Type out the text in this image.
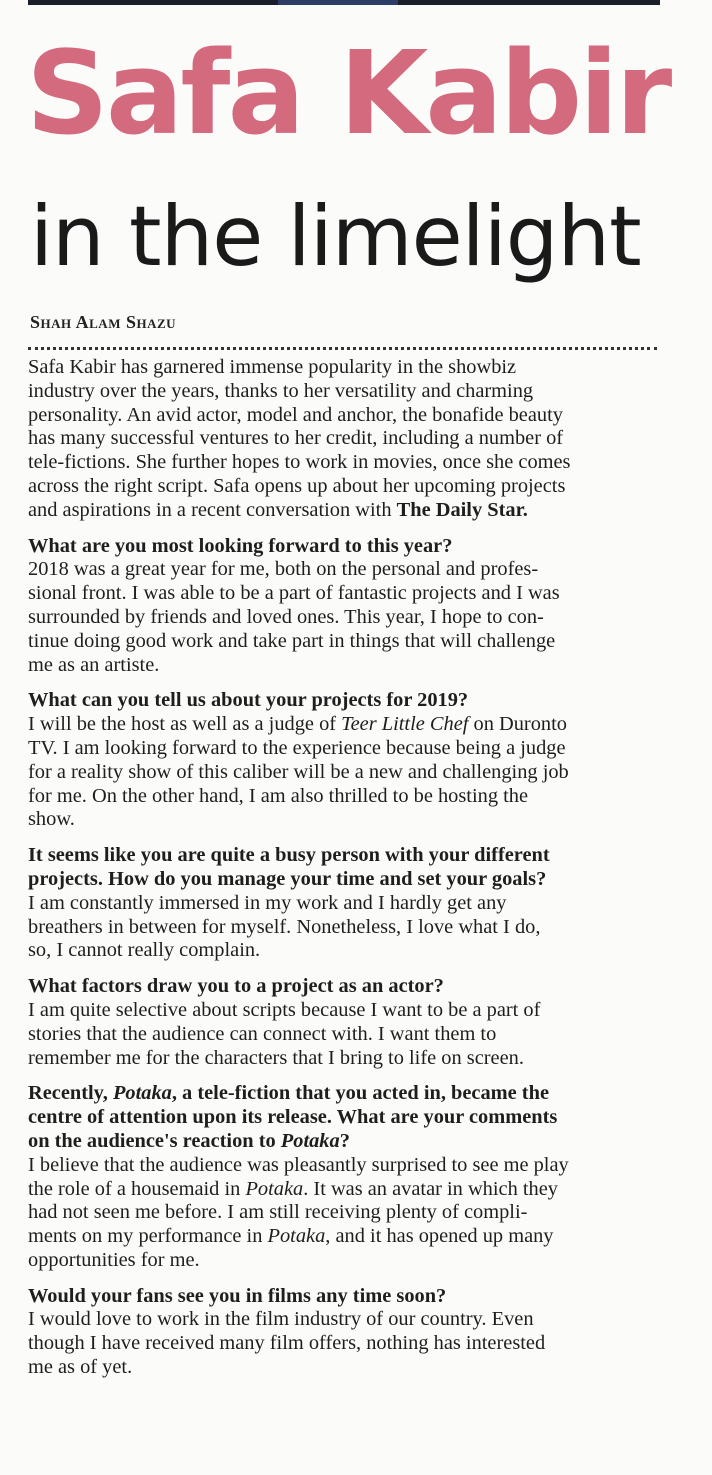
Safa Kabir
in the limelight
Shah Alam Shazu
Safa Kabir has garnered immense popularity in the showbiz
industry over the years, thanks to her versatility and charming
personality. An avid actor, model and anchor, the bonafide beauty
has many successful ventures to her credit, including a number of
tele-fictions. She further hopes to work in movies, once she comes
across the right script. Safa opens up about her upcoming projects
and aspirations in a recent conversation with The Daily Star.
What are you most looking forward to this year?
2018 was a great year for me, both on the personal and profes-
sional front. I was able to be a part of fantastic projects and I was
surrounded by friends and loved ones. This year, I hope to con-
tinue doing good work and take part in things that will challenge
me as an artiste.
What can you tell us about your projects for 2019?
I will be the host as well as a judge of Teer Little Chef on Duronto
TV. I am looking forward to the experience because being a judge
for a reality show of this caliber will be a new and challenging job
for me. On the other hand, I am also thrilled to be hosting the
show.
It seems like you are quite a busy person with your different
projects. How do you manage your time and set your goals?
I am constantly immersed in my work and I hardly get any
breathers in between for myself. Nonetheless, I love what I do,
so, I cannot really complain.
What factors draw you to a project as an actor?
I am quite selective about scripts because I want to be a part of
stories that the audience can connect with. I want them to
remember me for the characters that I bring to life on screen.
Recently, Potaka, a tele-fiction that you acted in, became the
centre of attention upon its release. What are your comments
on the audience's reaction to Potaka?
I believe that the audience was pleasantly surprised to see me play
the role of a housemaid in Potaka. It was an avatar in which they
had not seen me before. I am still receiving plenty of compli-
ments on my performance in Potaka, and it has opened up many
opportunities for me.
Would your fans see you in films any time soon?
I would love to work in the film industry of our country. Even
though I have received many film offers, nothing has interested
me as of yet.
